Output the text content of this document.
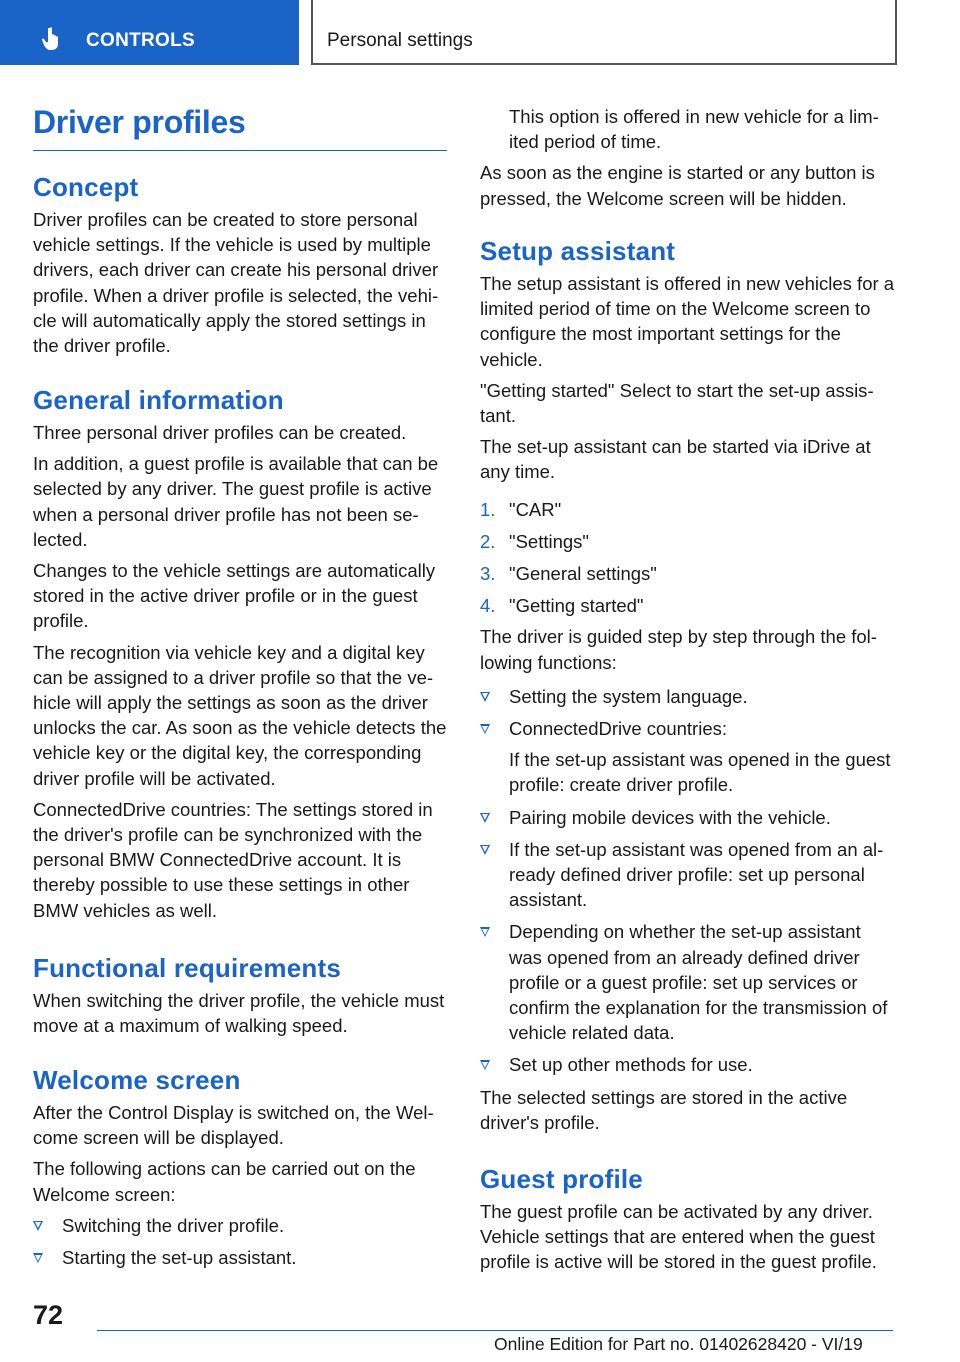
CONTROLS	Personal settings
Driver profiles
Concept

Driver profiles can be created to store personal vehicle settings. If the vehicle is used by multiple drivers, each driver can create his personal driver profile. When a driver profile is selected, the vehicle will automatically apply the stored settings in the driver profile.

General information

Three personal driver profiles can be created.

In addition, a guest profile is available that can be selected by any driver. The guest profile is active when a personal driver profile has not been selected.

Changes to the vehicle settings are automatically stored in the active driver profile or in the guest profile.

The recognition via vehicle key and a digital key can be assigned to a driver profile so that the vehicle will apply the settings as soon as the driver unlocks the car. As soon as the vehicle detects the vehicle key or the digital key, the corresponding driver profile will be activated.

ConnectedDrive countries: The settings stored in the driver's profile can be synchronized with the personal BMW ConnectedDrive account. It is thereby possible to use these settings in other BMW vehicles as well.

Functional requirements

When switching the driver profile, the vehicle must move at a maximum of walking speed.

Welcome screen

After the Control Display is switched on, the Welcome screen will be displayed.

The following actions can be carried out on the Welcome screen:

Switching the driver profile.
Starting the set-up assistant.

This option is offered in new vehicle for a limited period of time.

As soon as the engine is started or any button is pressed, the Welcome screen will be hidden.

Setup assistant

The setup assistant is offered in new vehicles for a limited period of time on the Welcome screen to configure the most important settings for the vehicle.

"Getting started" Select to start the set-up assistant.

The set-up assistant can be started via iDrive at any time.

1. "CAR"
2. "Settings"
3. "General settings"
4. "Getting started"

The driver is guided step by step through the following functions:

Setting the system language.
ConnectedDrive countries:
If the set-up assistant was opened in the guest profile: create driver profile.
Pairing mobile devices with the vehicle.
If the set-up assistant was opened from an already defined driver profile: set up personal assistant.
Depending on whether the set-up assistant was opened from an already defined driver profile or a guest profile: set up services or confirm the explanation for the transmission of vehicle related data.
Set up other methods for use.

The selected settings are stored in the active driver's profile.

Guest profile

The guest profile can be activated by any driver. Vehicle settings that are entered when the guest profile is active will be stored in the guest profile.

72
Online Edition for Part no. 01402628420 - VI/19
